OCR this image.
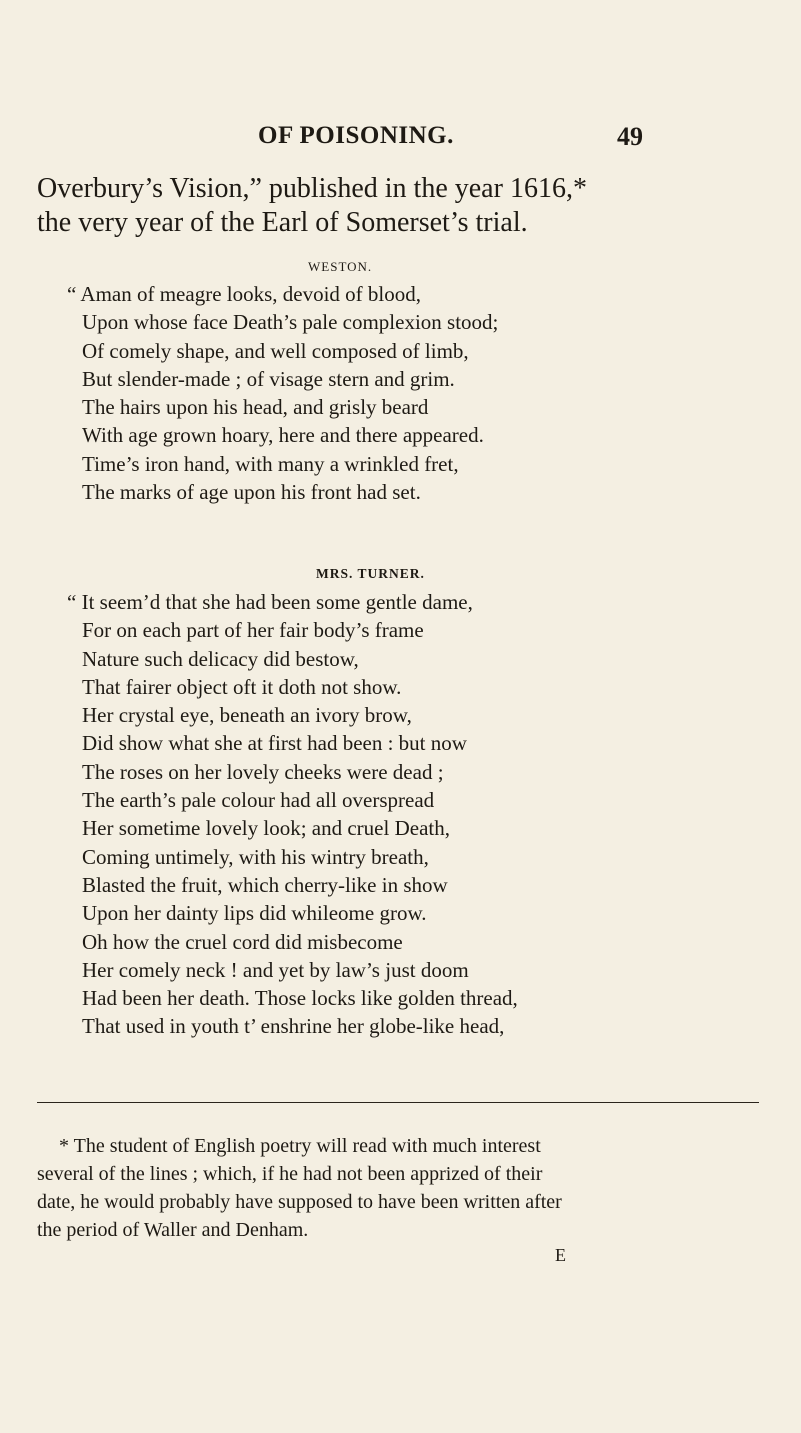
OF POISONING.	49
Overbury’s Vision,” published in the year 1616,*
the very year of the Earl of Somerset’s trial.
WESTON.
“ Aman of meagre looks, devoid of blood,
Upon whose face Death’s pale complexion stood;
Of comely shape, and well composed of limb,
But slender-made ; of visage stern and grim.
The hairs upon his head, and grisly beard
With age grown hoary, here and there appeared.
Time’s iron hand, with many a wrinkled fret,
The marks of age upon his front had set.
MRS. TURNER.
“ It seem’d that she had been some gentle dame,
For on each part of her fair body’s frame
Nature such delicacy did bestow,
That fairer object oft it doth not show.
Her crystal eye, beneath an ivory brow,
Did show what she at first had been : but now
The roses on her lovely cheeks were dead ;
The earth’s pale colour had all overspread
Her sometime lovely look; and cruel Death,
Coming untimely, with his wintry breath,
Blasted the fruit, which cherry-like in show
Upon her dainty lips did whileome grow.
Oh how the cruel cord did misbecome
Her comely neck ! and yet by law’s just doom
Had been her death. Those locks like golden thread,
That used in youth t’ enshrine her globe-like head,
* The student of English poetry will read with much interest
several of the lines ; which, if he had not been apprized of their
date, he would probably have supposed to have been written after
the period of Waller and Denham.
E
